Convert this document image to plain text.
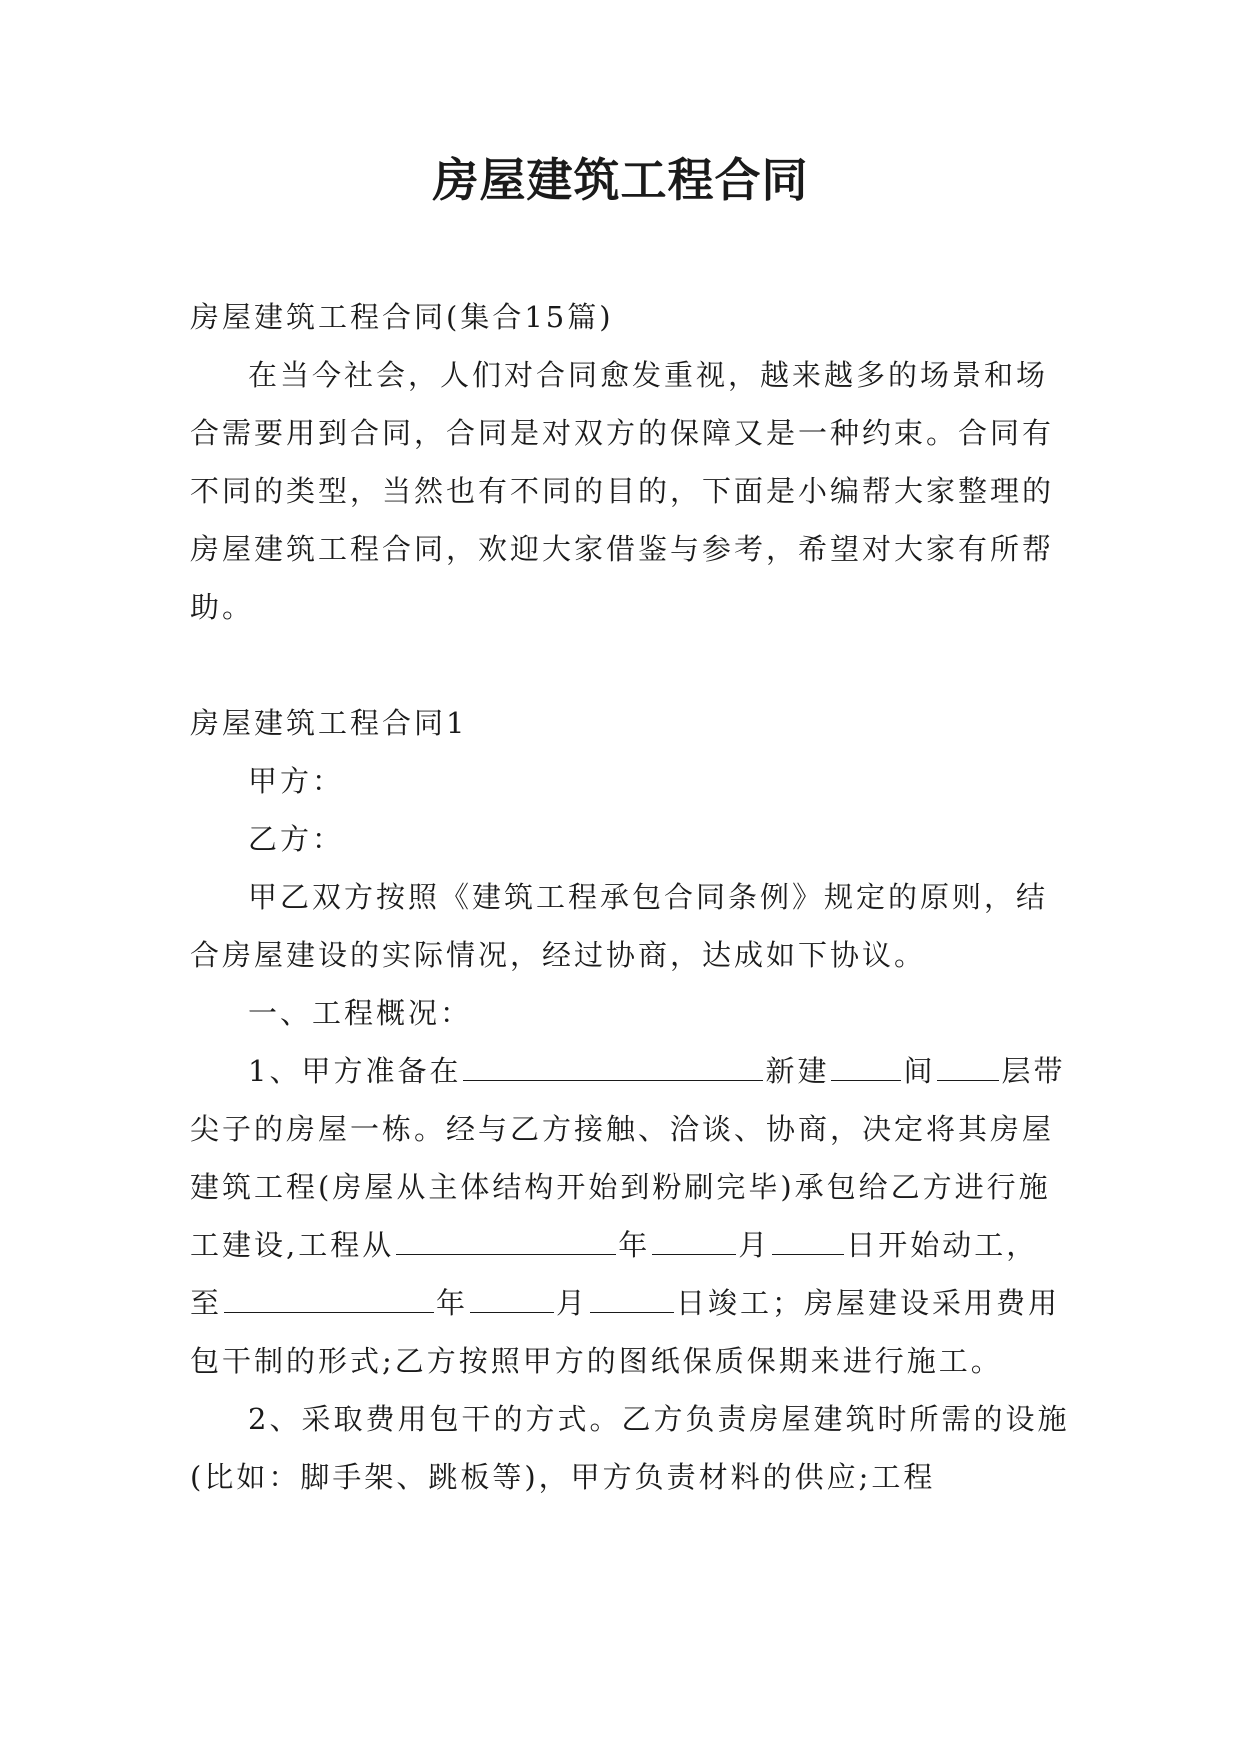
房屋建筑工程合同

房屋建筑工程合同(集合15篇)

在当今社会，人们对合同愈发重视，越来越多的场景和场合需要用到合同，合同是对双方的保障又是一种约束。合同有不同的类型，当然也有不同的目的，下面是小编帮大家整理的房屋建筑工程合同，欢迎大家借鉴与参考，希望对大家有所帮助。

房屋建筑工程合同1

甲方：

乙方：

甲乙双方按照《建筑工程承包合同条例》规定的原则，结合房屋建设的实际情况，经过协商，达成如下协议。

一、工程概况：

1、甲方准备在	新建	间 层带尖子的房屋一栋。经与乙方接触、洽谈、协商，决定将其房屋建筑工程(房屋从主体结构开始到粉刷完毕)承包给乙方进行施工建设,工程从	年	月	日开始动工，至	年	月	日竣工；房屋建设采用费用包干制的形式;乙方按照甲方的图纸保质保期来进行施工。

2、采取费用包干的方式。乙方负责房屋建筑时所需的设施(比如：脚手架、跳板等)，甲方负责材料的供应;工程
